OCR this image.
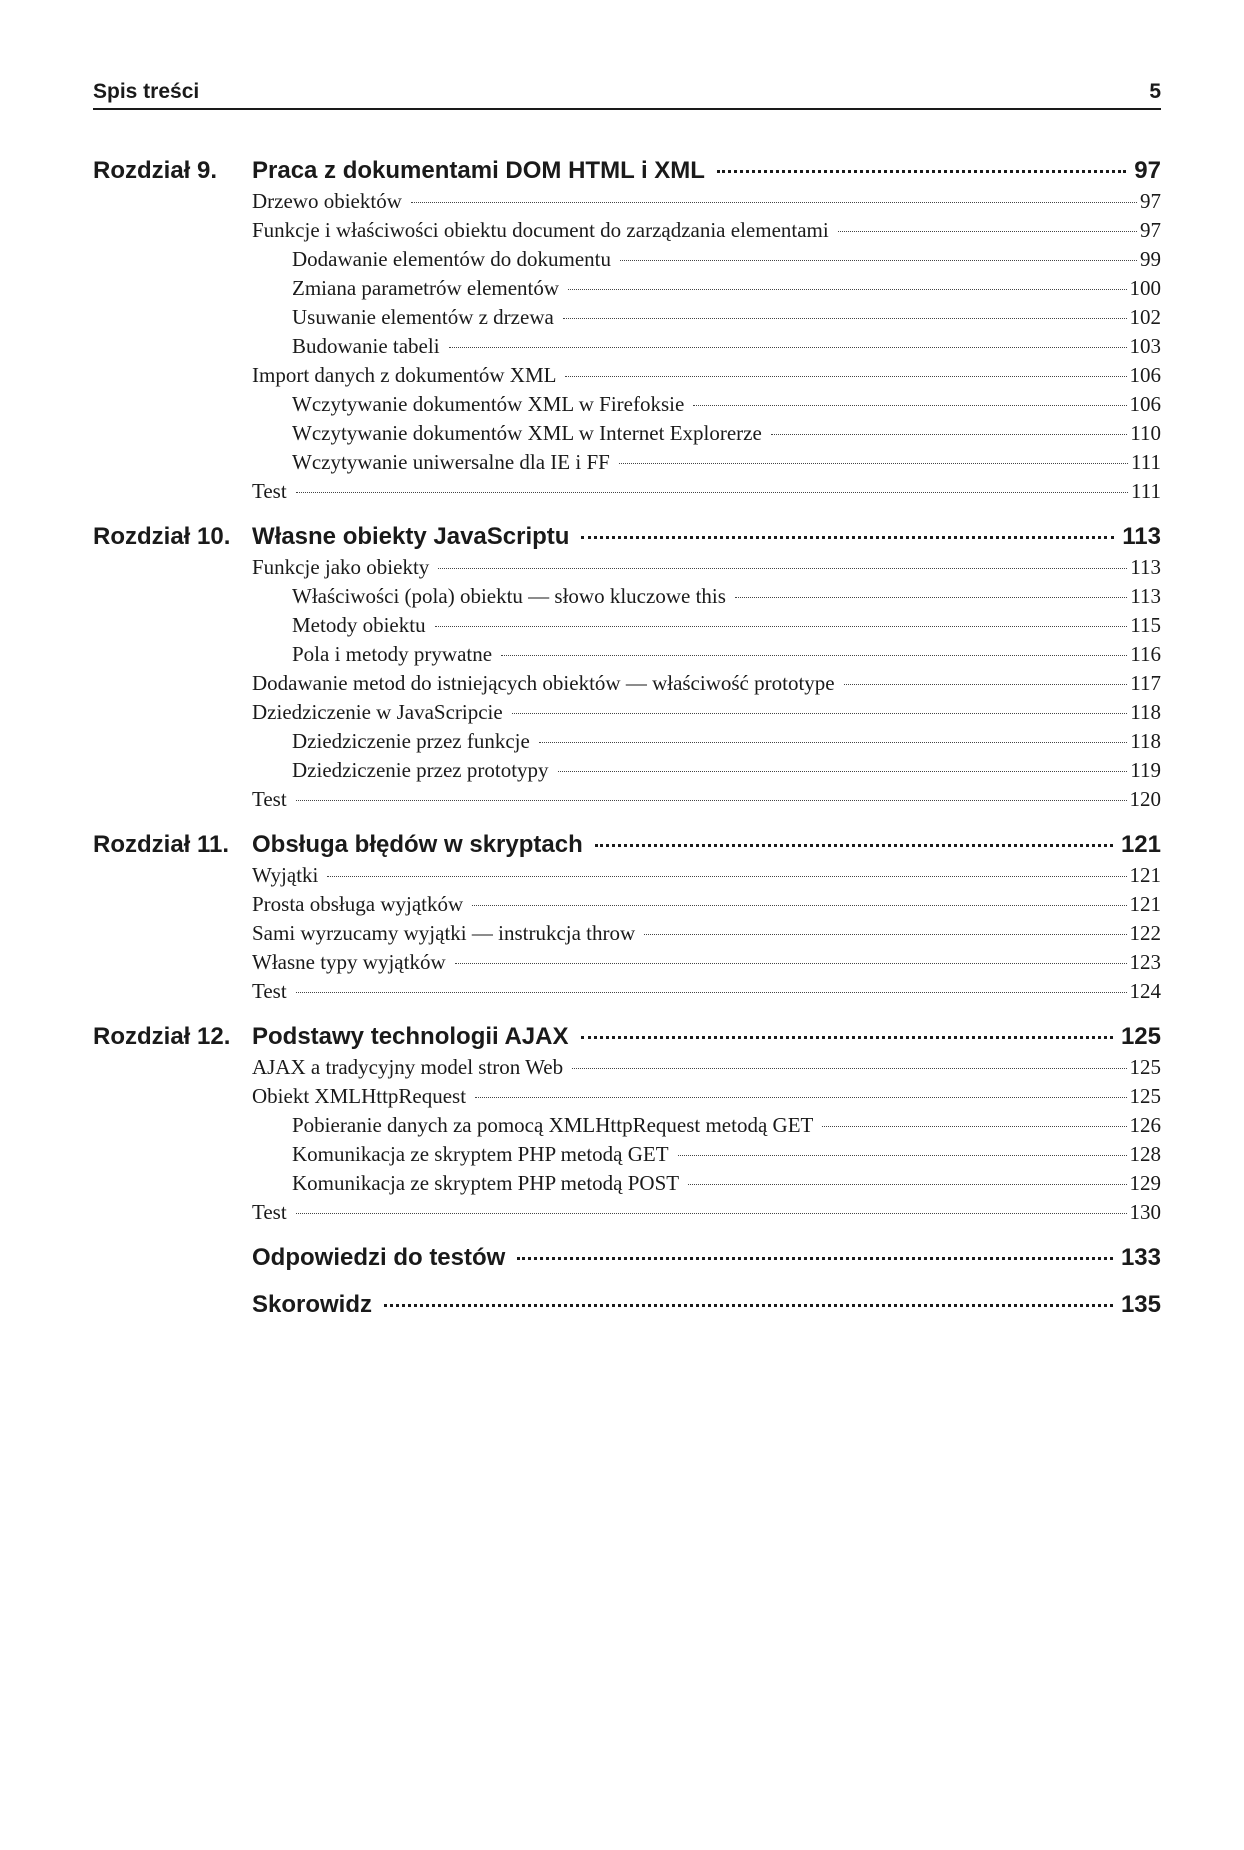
Spis treści	5
Rozdział 9.	Praca z dokumentami DOM HTML i XML	97
Drzewo obiektów	97
Funkcje i właściwości obiektu document do zarządzania elementami	97
Dodawanie elementów do dokumentu	99
Zmiana parametrów elementów	100
Usuwanie elementów z drzewa	102
Budowanie tabeli	103
Import danych z dokumentów XML	106
Wczytywanie dokumentów XML w Firefoksie	106
Wczytywanie dokumentów XML w Internet Explorerze	110
Wczytywanie uniwersalne dla IE i FF	111
Test	111
Rozdział 10. Własne obiekty JavaScriptu	113
Funkcje jako obiekty	113
Właściwości (pola) obiektu — słowo kluczowe this	113
Metody obiektu	115
Pola i metody prywatne	116
Dodawanie metod do istniejących obiektów — właściwość prototype	117
Dziedziczenie w JavaScripcie	118
Dziedziczenie przez funkcje	118
Dziedziczenie przez prototypy	119
Test	120
Rozdział 11. Obsługa błędów w skryptach	121
Wyjątki	121
Prosta obsługa wyjątków	121
Sami wyrzucamy wyjątki — instrukcja throw	122
Własne typy wyjątków	123
Test	124
Rozdział 12. Podstawy technologii AJAX	125
AJAX a tradycyjny model stron Web	125
Obiekt XMLHttpRequest	125
Pobieranie danych za pomocą XMLHttpRequest metodą GET	126
Komunikacja ze skryptem PHP metodą GET	128
Komunikacja ze skryptem PHP metodą POST	129
Test	130
Odpowiedzi do testów	133
Skorowidz	135
